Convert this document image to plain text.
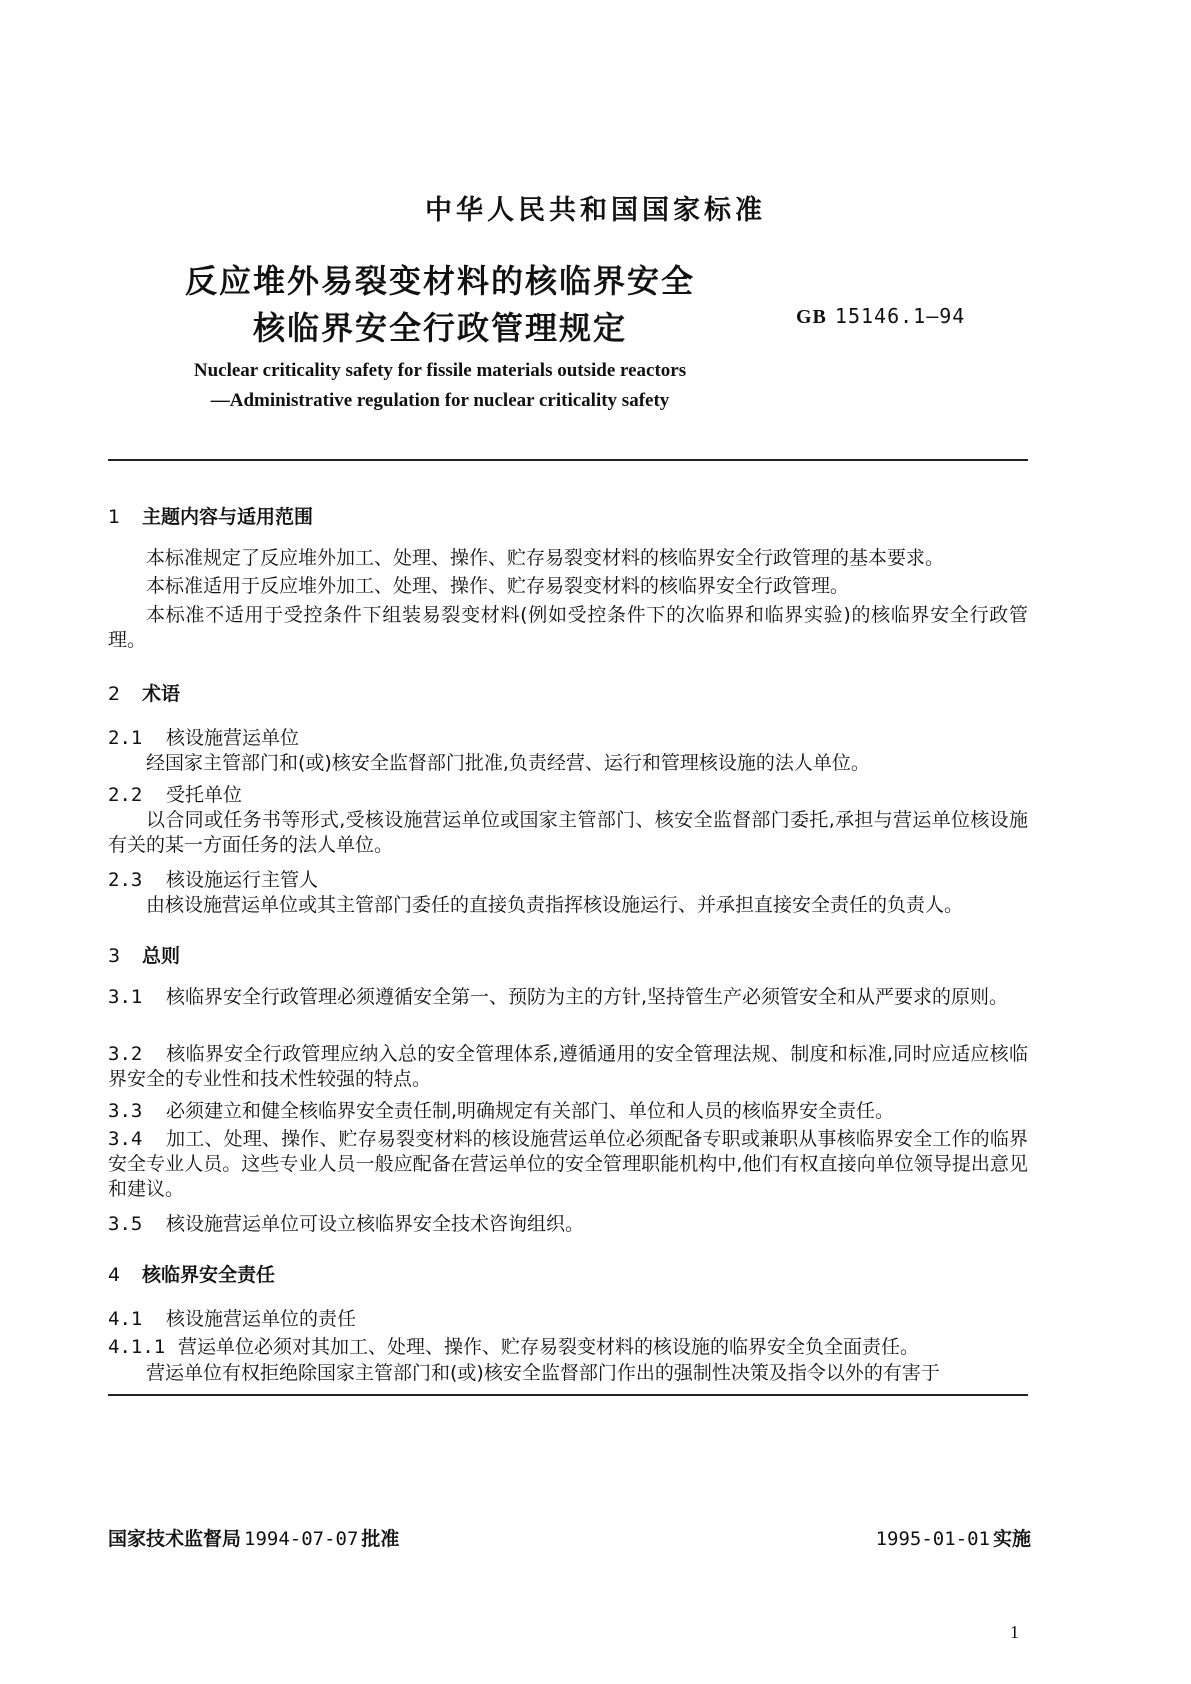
中华人民共和国国家标准
反应堆外易裂变材料的核临界安全
核临界安全行政管理规定	GB 15146.1—94
Nuclear criticality safety for fissile materials outside reactors
—Administrative regulation for nuclear criticality safety
1 主题内容与适用范围
本标准规定了反应堆外加工、处理、操作、贮存易裂变材料的核临界安全行政管理的基本要求。
本标准适用于反应堆外加工、处理、操作、贮存易裂变材料的核临界安全行政管理。
本标准不适用于受控条件下组装易裂变材料(例如受控条件下的次临界和临界实验)的核临界安全行政管理。
2 术语
2.1 核设施营运单位
经国家主管部门和(或)核安全监督部门批准,负责经营、运行和管理核设施的法人单位。
2.2 受托单位
以合同或任务书等形式,受核设施营运单位或国家主管部门、核安全监督部门委托,承担与营运单位核设施有关的某一方面任务的法人单位。
2.3 核设施运行主管人
由核设施营运单位或其主管部门委任的直接负责指挥核设施运行、并承担直接安全责任的负责人。
3 总则
3.1 核临界安全行政管理必须遵循安全第一、预防为主的方针,坚持管生产必须管安全和从严要求的原则。
3.2 核临界安全行政管理应纳入总的安全管理体系,遵循通用的安全管理法规、制度和标准,同时应适应核临界安全的专业性和技术性较强的特点。
3.3 必须建立和健全核临界安全责任制,明确规定有关部门、单位和人员的核临界安全责任。
3.4 加工、处理、操作、贮存易裂变材料的核设施营运单位必须配备专职或兼职从事核临界安全工作的临界安全专业人员。这些专业人员一般应配备在营运单位的安全管理职能机构中,他们有权直接向单位领导提出意见和建议。
3.5 核设施营运单位可设立核临界安全技术咨询组织。
4 核临界安全责任
4.1 核设施营运单位的责任
4.1.1 营运单位必须对其加工、处理、操作、贮存易裂变材料的核设施的临界安全负全面责任。
营运单位有权拒绝除国家主管部门和(或)核安全监督部门作出的强制性决策及指令以外的有害于
国家技术监督局 1994-07-07 批准	1995-01-01 实施
1
